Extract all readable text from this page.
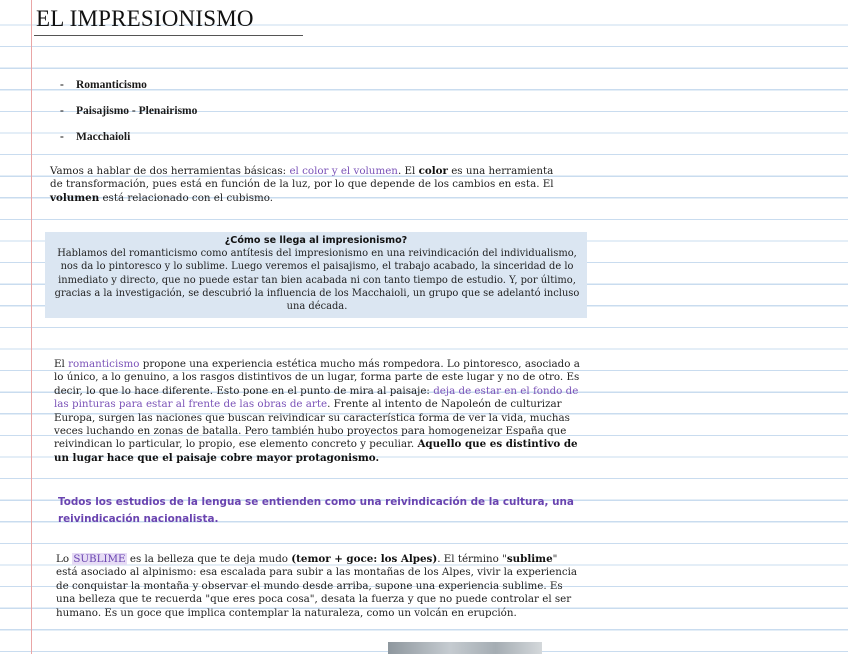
EL IMPRESIONISMO
- Romanticismo
- Paisajismo - Plenairismo
- Macchaioli

Vamos a hablar de dos herramientas básicas: el color y el volumen. El color es una herramienta de transformación, pues está en función de la luz, por lo que depende de los cambios en esta. El volumen está relacionado con el cubismo.

¿Cómo se llega al impresionismo?

Hablamos del romanticismo como antítesis del impresionismo en una reivindicación del individualismo, nos da lo pintoresco y lo sublime. Luego veremos el paisajismo, el trabajo acabado, la sinceridad de lo inmediato y directo, que no puede estar tan bien acabada ni con tanto tiempo de estudio. Y, por último, gracias a la investigación, se descubrió la influencia de los Macchaioli, un grupo que se adelantó incluso una década.

El romanticismo propone una experiencia estética mucho más rompedora. Lo pintoresco, asociado a lo único, a lo genuino, a los rasgos distintivos de un lugar, forma parte de este lugar y no de otro. Es decir, lo que lo hace diferente. Esto pone en el punto de mira al paisaje: deja de estar en el fondo de las pinturas para estar al frente de las obras de arte. Frente al intento de Napoleón de culturizar Europa, surgen las naciones que buscan reivindicar su característica forma de ver la vida, muchas veces luchando en zonas de batalla. Pero también hubo proyectos para homogeneizar España que reivindican lo particular, lo propio, ese elemento concreto y peculiar. Aquello que es distintivo de un lugar hace que el paisaje cobre mayor protagonismo.

Todos los estudios de la lengua se entienden como una reivindicación de la cultura, una reivindicación nacionalista.

Lo SUBLIME es la belleza que te deja mudo (temor + goce: los Alpes). El término "sublime" está asociado al alpinismo: esa escalada para subir a las montañas de los Alpes, vivir la experiencia de conquistar la montaña y observar el mundo desde arriba, supone una experiencia sublime. Es una belleza que te recuerda "que eres poca cosa", desata la fuerza y que no puede controlar el ser humano. Es un goce que implica contemplar la naturaleza, como un volcán en erupción.
